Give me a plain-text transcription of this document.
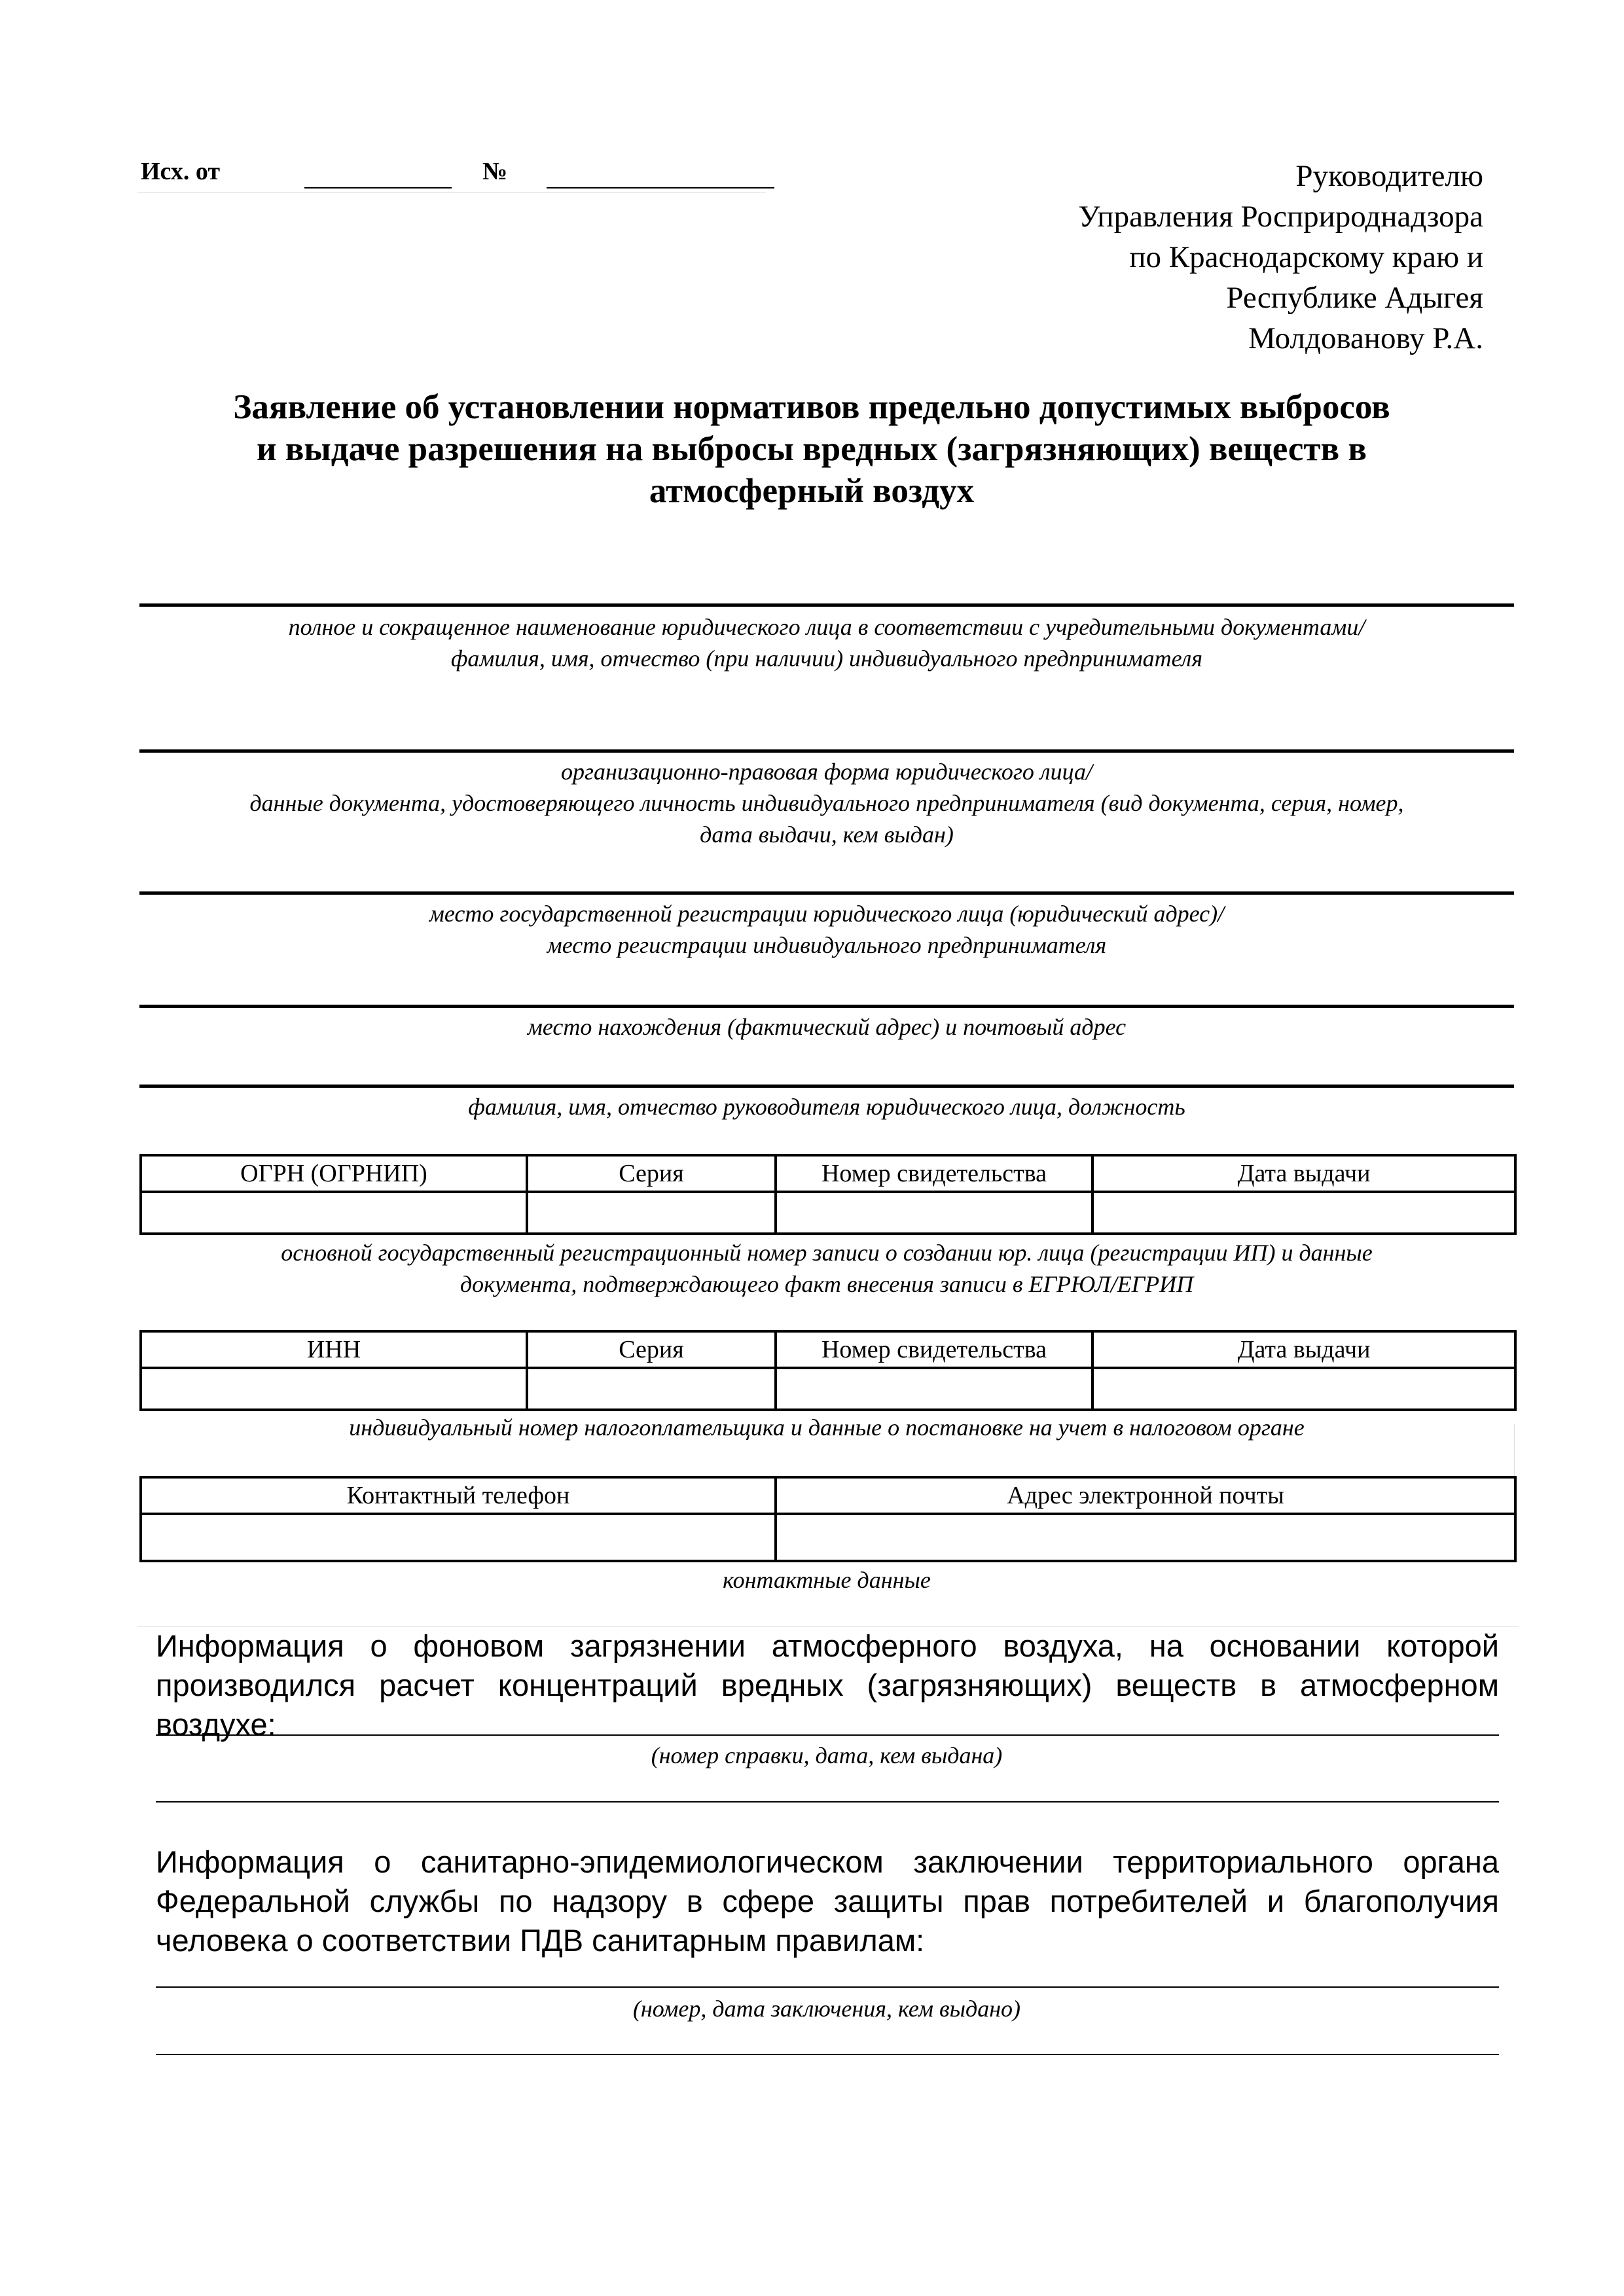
Исх. от	№	Руководителю
Управления Росприроднадзора
по Краснодарскому краю и
Республике Адыгея
Молдованову Р.А.
Заявление об установлении нормативов предельно допустимых выбросов
и выдаче разрешения на выбросы вредных (загрязняющих) веществ в
атмосферный воздух
полное и сокращенное наименование юридического лица в соответствии с учредительными документами/
фамилия, имя, отчество (при наличии) индивидуального предпринимателя
организационно-правовая форма юридического лица/
данные документа, удостоверяющего личность индивидуального предпринимателя (вид документа, серия, номер,
дата выдачи, кем выдан)
место государственной регистрации юридического лица (юридический адрес)/
место регистрации индивидуального предпринимателя
место нахождения (фактический адрес) и почтовый адрес
фамилия, имя, отчество руководителя юридического лица, должность
ОГРН (ОГРНИП)	Серия	Номер свидетельства	Дата выдачи

основной государственный регистрационный номер записи о создании юр. лица (регистрации ИП) и данные
документа, подтверждающего факт внесения записи в ЕГРЮЛ/ЕГРИП
ИНН	Серия	Номер свидетельства	Дата выдачи

индивидуальный номер налогоплательщика и данные о постановке на учет в налоговом органе
Контактный телефон	Адрес электронной почты

контактные данные
Информация о фоновом загрязнении атмосферного воздуха, на основании которой производился расчет концентраций вредных (загрязняющих) веществ в атмосферном воздухе:
(номер справки, дата, кем выдана)
Информация о санитарно-эпидемиологическом заключении территориального органа Федеральной службы по надзору в сфере защиты прав потребителей и благополучия человека о соответствии ПДВ санитарным правилам:
(номер, дата заключения, кем выдано)
